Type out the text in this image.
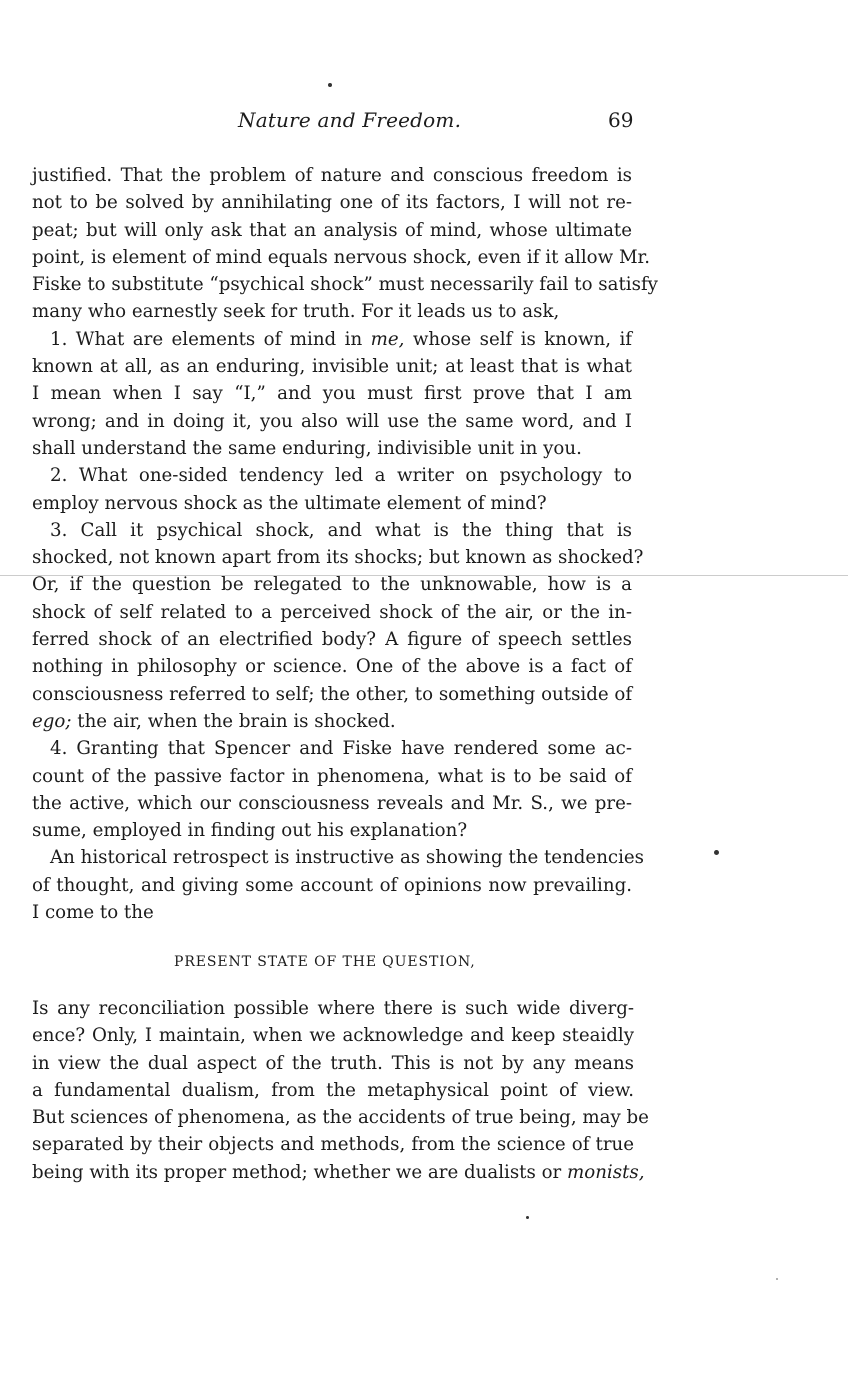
Nature and Freedom.	69
justified. That the problem of nature and conscious freedom is
not to be solved by annihilating one of its factors, I will not re-
peat; but will only ask that an analysis of mind, whose ultimate
point, is element of mind equals nervous shock, even if it allow Mr.
Fiske to substitute “psychical shock” must necessarily fail to satisfy
many who earnestly seek for truth. For it leads us to ask,
1. What are elements of mind in me, whose self is known, if
known at all, as an enduring, invisible unit; at least that is what
I mean when I say “I,” and you must first prove that I am
wrong; and in doing it, you also will use the same word, and I
shall understand the same enduring, indivisible unit in you.
2. What one-sided tendency led a writer on psychology to
employ nervous shock as the ultimate element of mind?
3. Call it psychical shock, and what is the thing that is
shocked, not known apart from its shocks; but known as shocked?
Or, if the question be relegated to the unknowable, how is a
shock of self related to a perceived shock of the air, or the in-
ferred shock of an electrified body? A figure of speech settles
nothing in philosophy or science. One of the above is a fact of
consciousness referred to self; the other, to something outside of
ego; the air, when the brain is shocked.
4. Granting that Spencer and Fiske have rendered some ac-
count of the passive factor in phenomena, what is to be said of
the active, which our consciousness reveals and Mr. S., we pre-
sume, employed in finding out his explanation?
An historical retrospect is instructive as showing the tendencies
of thought, and giving some account of opinions now prevailing.
I come to the
PRESENT STATE OF THE QUESTION,
Is any reconciliation possible where there is such wide diverg-
ence? Only, I maintain, when we acknowledge and keep steaidly
in view the dual aspect of the truth. This is not by any means
a fundamental dualism, from the metaphysical point of view.
But sciences of phenomena, as the accidents of true being, may be
separated by their objects and methods, from the science of true
being with its proper method; whether we are dualists or monists,
